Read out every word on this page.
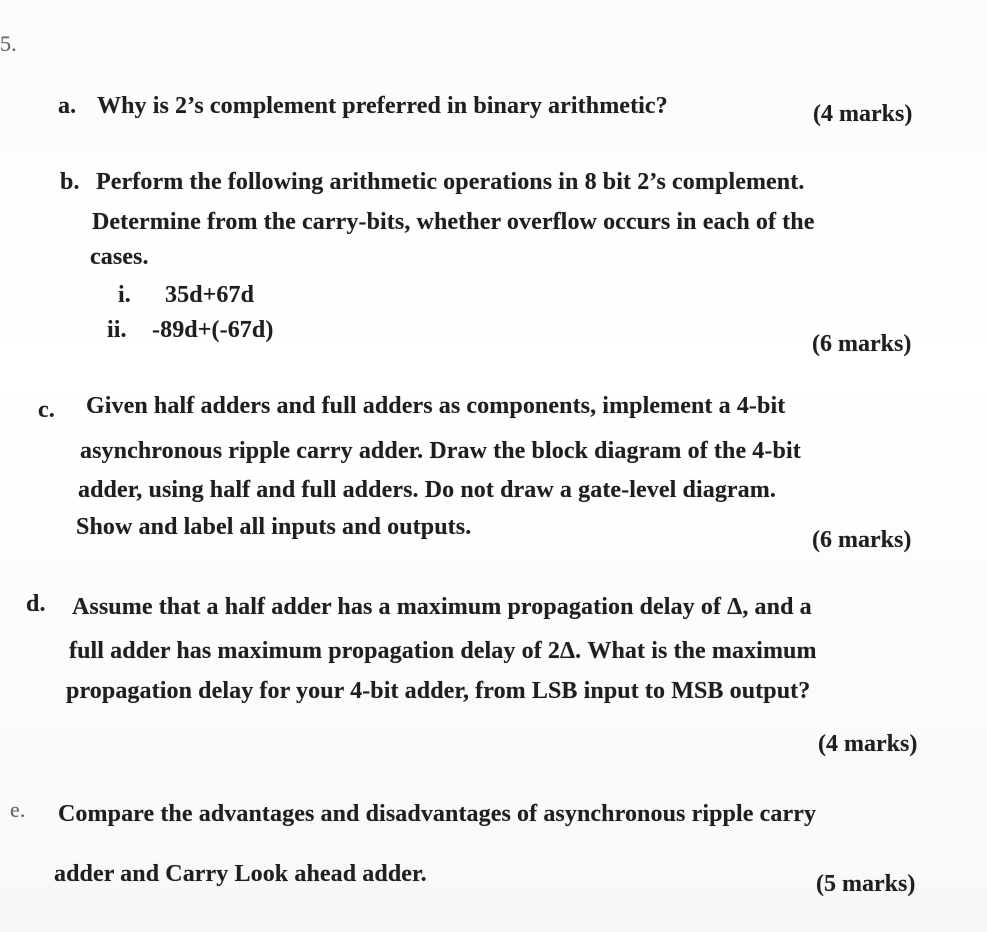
5.
a. Why is 2’s complement preferred in binary arithmetic?	(4 marks)
b. Perform the following arithmetic operations in 8 bit 2’s complement.
Determine from the carry-bits, whether overflow occurs in each of the
cases.
i. 35d+67d
ii. -89d+(-67d)
(6 marks)
c. Given half adders and full adders as components, implement a 4-bit
asynchronous ripple carry adder. Draw the block diagram of the 4-bit
adder, using half and full adders. Do not draw a gate-level diagram.
Show and label all inputs and outputs.	(6 marks)
d. Assume that a half adder has a maximum propagation delay of Δ, and a
full adder has maximum propagation delay of 2Δ. What is the maximum
propagation delay for your 4-bit adder, from LSB input to MSB output?
(4 marks)
e. Compare the advantages and disadvantages of asynchronous ripple carry
adder and Carry Look ahead adder.	(5 marks)
